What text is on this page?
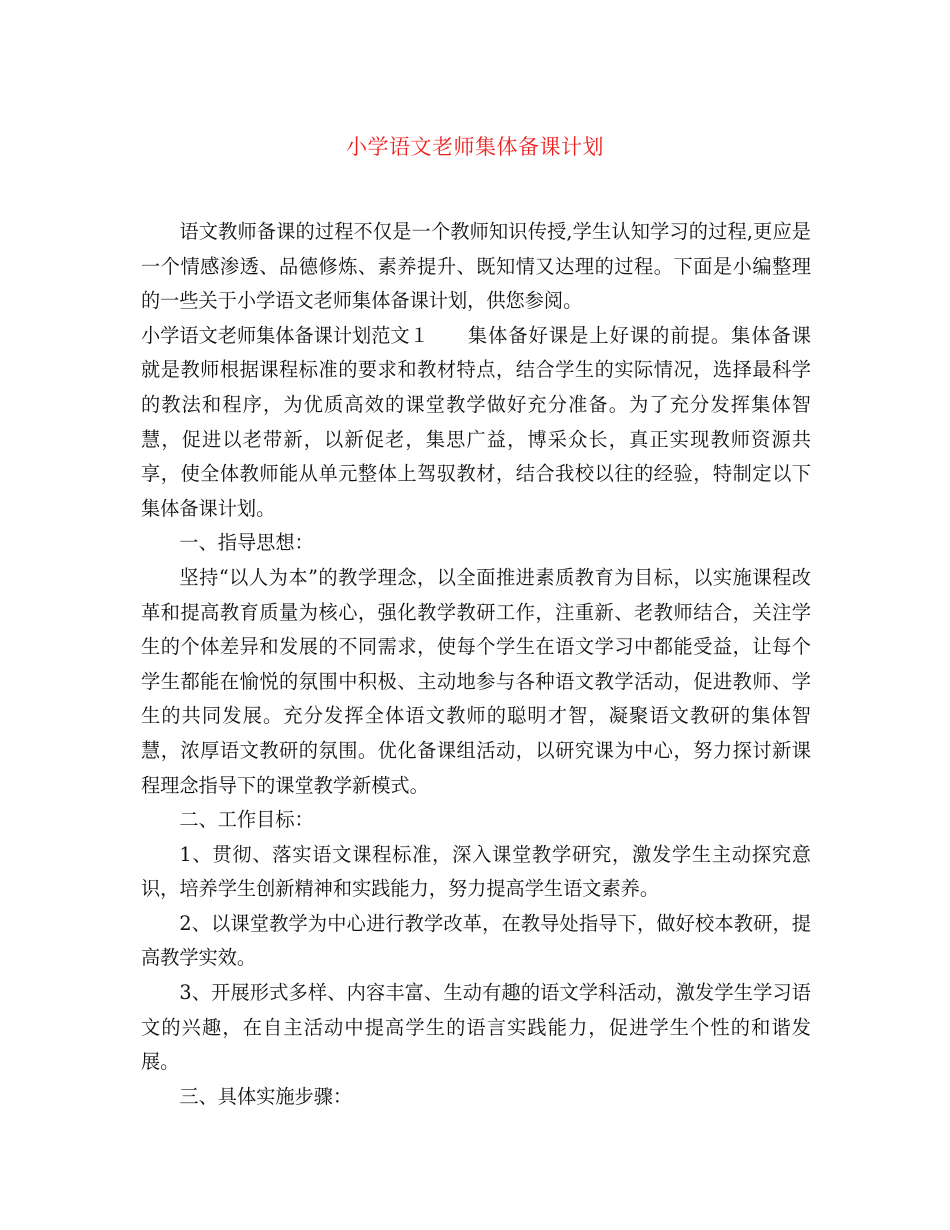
小学语文老师集体备课计划

语文教师备课的过程不仅是一个教师知识传授,学生认知学习的过程,更应是一个情感渗透、品德修炼、素养提升、既知情又达理的过程。下面是小编整理的一些关于小学语文老师集体备课计划，供您参阅。

小学语文老师集体备课计划范文１ 集体备好课是上好课的前提。集体备课就是教师根据课程标准的要求和教材特点，结合学生的实际情况，选择最科学的教法和程序，为优质高效的课堂教学做好充分准备。为了充分发挥集体智慧，促进以老带新，以新促老，集思广益，博采众长，真正实现教师资源共享，使全体教师能从单元整体上驾驭教材，结合我校以往的经验，特制定以下集体备课计划。

一、指导思想：

坚持“以人为本”的教学理念，以全面推进素质教育为目标，以实施课程改革和提高教育质量为核心，强化教学教研工作，注重新、老教师结合，关注学生的个体差异和发展的不同需求，使每个学生在语文学习中都能受益，让每个学生都能在愉悦的氛围中积极、主动地参与各种语文教学活动，促进教师、学生的共同发展。充分发挥全体语文教师的聪明才智，凝聚语文教研的集体智慧，浓厚语文教研的氛围。优化备课组活动，以研究课为中心，努力探讨新课程理念指导下的课堂教学新模式。

二、工作目标：

1、贯彻、落实语文课程标准，深入课堂教学研究，激发学生主动探究意识，培养学生创新精神和实践能力，努力提高学生语文素养。

2、以课堂教学为中心进行教学改革，在教导处指导下，做好校本教研，提高教学实效。

3、开展形式多样、内容丰富、生动有趣的语文学科活动，激发学生学习语文的兴趣，在自主活动中提高学生的语言实践能力，促进学生个性的和谐发展。

三、具体实施步骤：
